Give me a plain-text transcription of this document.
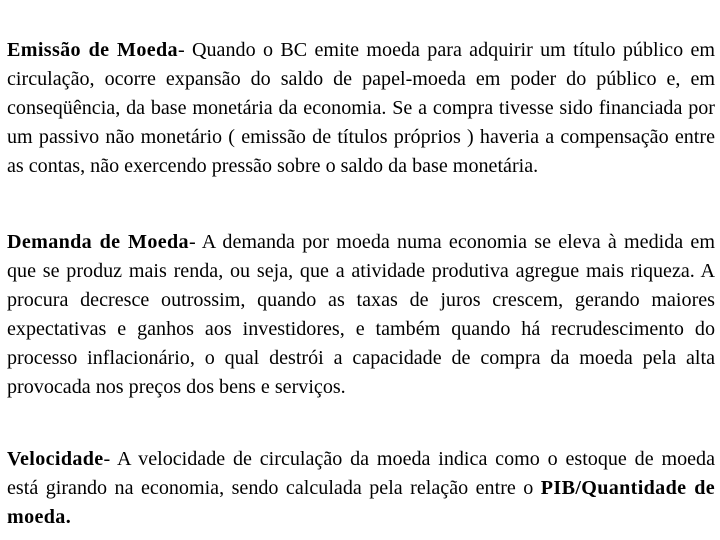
Emissão de Moeda- Quando o BC emite moeda para adquirir um título público em circulação, ocorre expansão do saldo de papel-moeda em poder do público e, em conseqüência, da base monetária da economia. Se a compra tivesse sido financiada por um passivo não monetário ( emissão de títulos próprios ) haveria a compensação entre as contas, não exercendo pressão sobre o saldo da base monetária.

Demanda de Moeda- A demanda por moeda numa economia se eleva à medida em que se produz mais renda, ou seja, que a atividade produtiva agregue mais riqueza. A procura decresce outrossim, quando as taxas de juros crescem, gerando maiores expectativas e ganhos aos investidores, e também quando há recrudescimento do processo inflacionário, o qual destrói a capacidade de compra da moeda pela alta provocada nos preços dos bens e serviços.

Velocidade- A velocidade de circulação da moeda indica como o estoque de moeda está girando na economia, sendo calculada pela relação entre o PIB/Quantidade de moeda.
